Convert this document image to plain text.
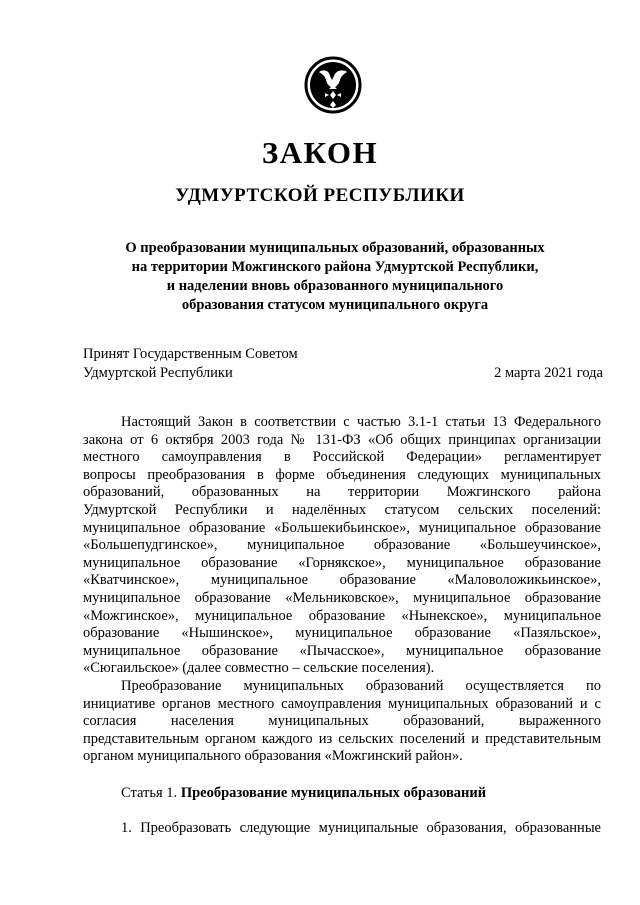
ЗАКОН
УДМУРТСКОЙ РЕСПУБЛИКИ
О преобразовании муниципальных образований, образованных
на территории Можгинского района Удмуртской Республики,
и наделении вновь образованного муниципального
образования статусом муниципального округа
Принят Государственным Советом
Удмуртской Республики	2 марта 2021 года
Настоящий Закон в соответствии с частью 3.1-1 статьи 13 Федерального
закона от 6 октября 2003 года № 131-ФЗ «Об общих принципах организации
местного самоуправления в Российской Федерации» регламентирует
вопросы преобразования в форме объединения следующих муниципальных
образований, образованных на территории Можгинского района
Удмуртской Республики и наделённых статусом сельских поселений:
муниципальное образование «Большекибьинское», муниципальное образование
«Большепудгинское», муниципальное образование «Большеучинское»,
муниципальное образование «Горнякское», муниципальное образование
«Кватчинское», муниципальное образование «Маловоложикьинское»,
муниципальное образование «Мельниковское», муниципальное образование
«Можгинское», муниципальное образование «Нынекское», муниципальное
образование «Нышинское», муниципальное образование «Пазяльское»,
муниципальное образование «Пычасское», муниципальное образование
«Сюгаильское» (далее совместно – сельские поселения).
Преобразование муниципальных образований осуществляется по
инициативе органов местного самоуправления муниципальных образований и с
согласия населения муниципальных образований, выраженного
представительным органом каждого из сельских поселений и представительным
органом муниципального образования «Можгинский район».
Статья 1. Преобразование муниципальных образований
1. Преобразовать следующие муниципальные образования, образованные
